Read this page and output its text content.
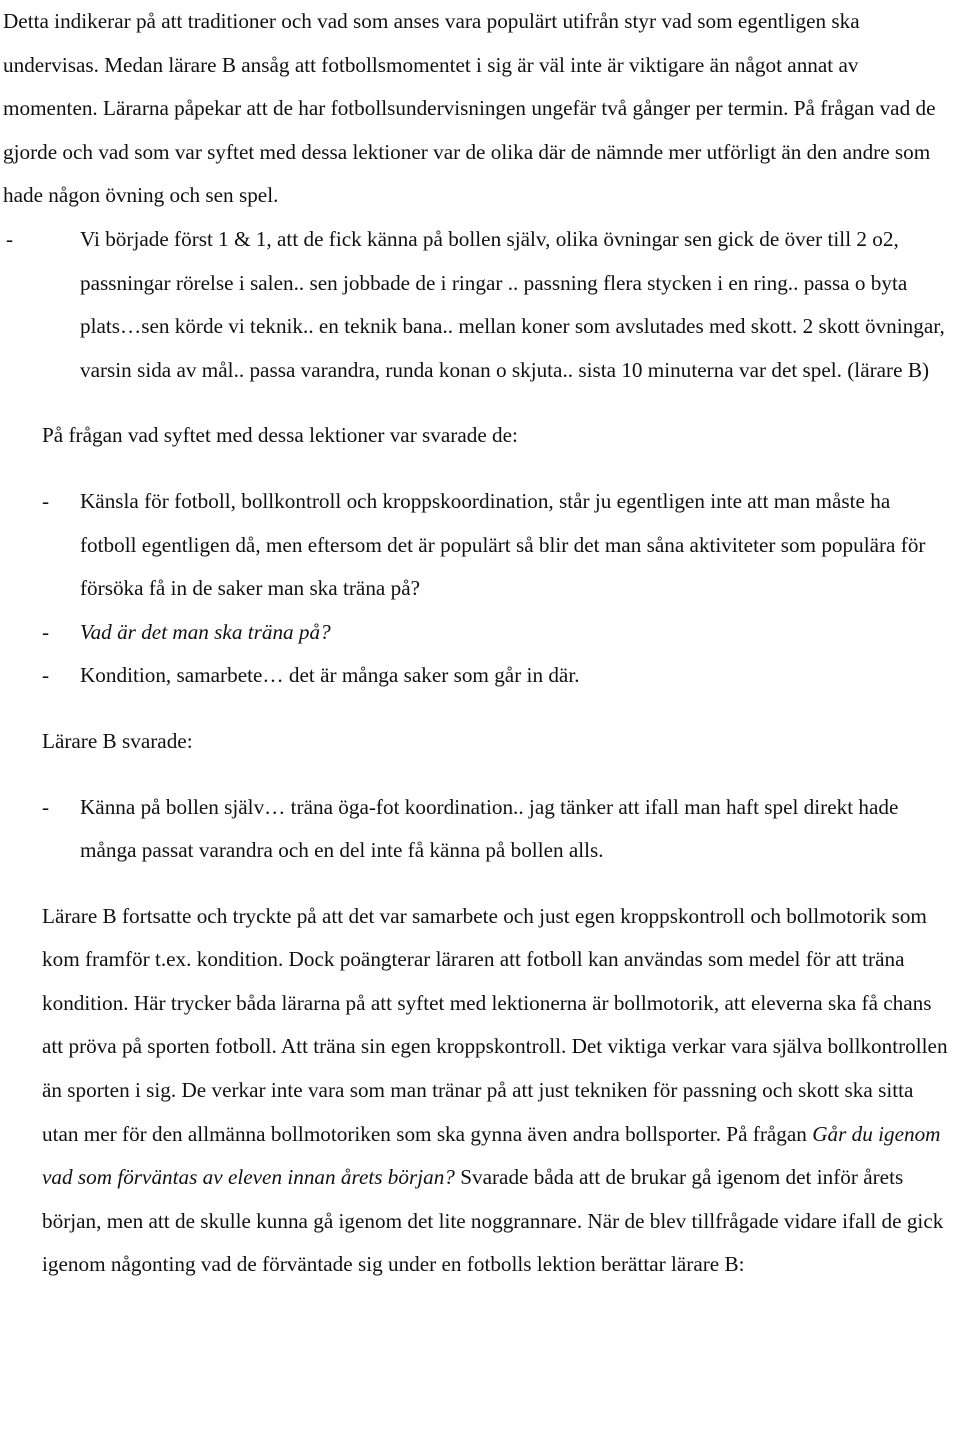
Detta indikerar på att traditioner och vad som anses vara populärt utifrån styr vad som egentligen ska undervisas. Medan lärare B ansåg att fotbollsmomentet i sig är väl inte är viktigare än något annat av momenten. Lärarna påpekar att de har fotbollsundervisningen ungefär två gånger per termin. På frågan vad de gjorde och vad som var syftet med dessa lektioner var de olika där de nämnde mer utförligt än den andre som hade någon övning och sen spel.

-	Vi började först 1 & 1, att de fick känna på bollen själv, olika övningar sen gick de över till 2 o2, passningar rörelse i salen.. sen jobbade de i ringar .. passning flera stycken i en ring.. passa o byta plats…sen körde vi teknik.. en teknik bana.. mellan koner som avslutades med skott. 2 skott övningar, varsin sida av mål.. passa varandra, runda konan o skjuta.. sista 10 minuterna var det spel. (lärare B)

På frågan vad syftet med dessa lektioner var svarade de:

-	Känsla för fotboll, bollkontroll och kroppskoordination, står ju egentligen inte att man måste ha fotboll egentligen då, men eftersom det är populärt så blir det man såna aktiviteter som populära för försöka få in de saker man ska träna på?
-	Vad är det man ska träna på?
-	Kondition, samarbete… det är många saker som går in där.

Lärare B svarade:

-	Känna på bollen själv… träna öga-fot koordination.. jag tänker att ifall man haft spel direkt hade många passat varandra och en del inte få känna på bollen alls.

Lärare B fortsatte och tryckte på att det var samarbete och just egen kroppskontroll och bollmotorik som kom framför t.ex. kondition. Dock poängterar läraren att fotboll kan användas som medel för att träna kondition. Här trycker båda lärarna på att syftet med lektionerna är bollmotorik, att eleverna ska få chans att pröva på sporten fotboll. Att träna sin egen kroppskontroll. Det viktiga verkar vara själva bollkontrollen än sporten i sig. De verkar inte vara som man tränar på att just tekniken för passning och skott ska sitta utan mer för den allmänna bollmotoriken som ska gynna även andra bollsporter. På frågan Går du igenom vad som förväntas av eleven innan årets början? Svarade båda att de brukar gå igenom det inför årets början, men att de skulle kunna gå igenom det lite noggrannare. När de blev tillfrågade vidare ifall de gick igenom någonting vad de förväntade sig under en fotbolls lektion berättar lärare B:
